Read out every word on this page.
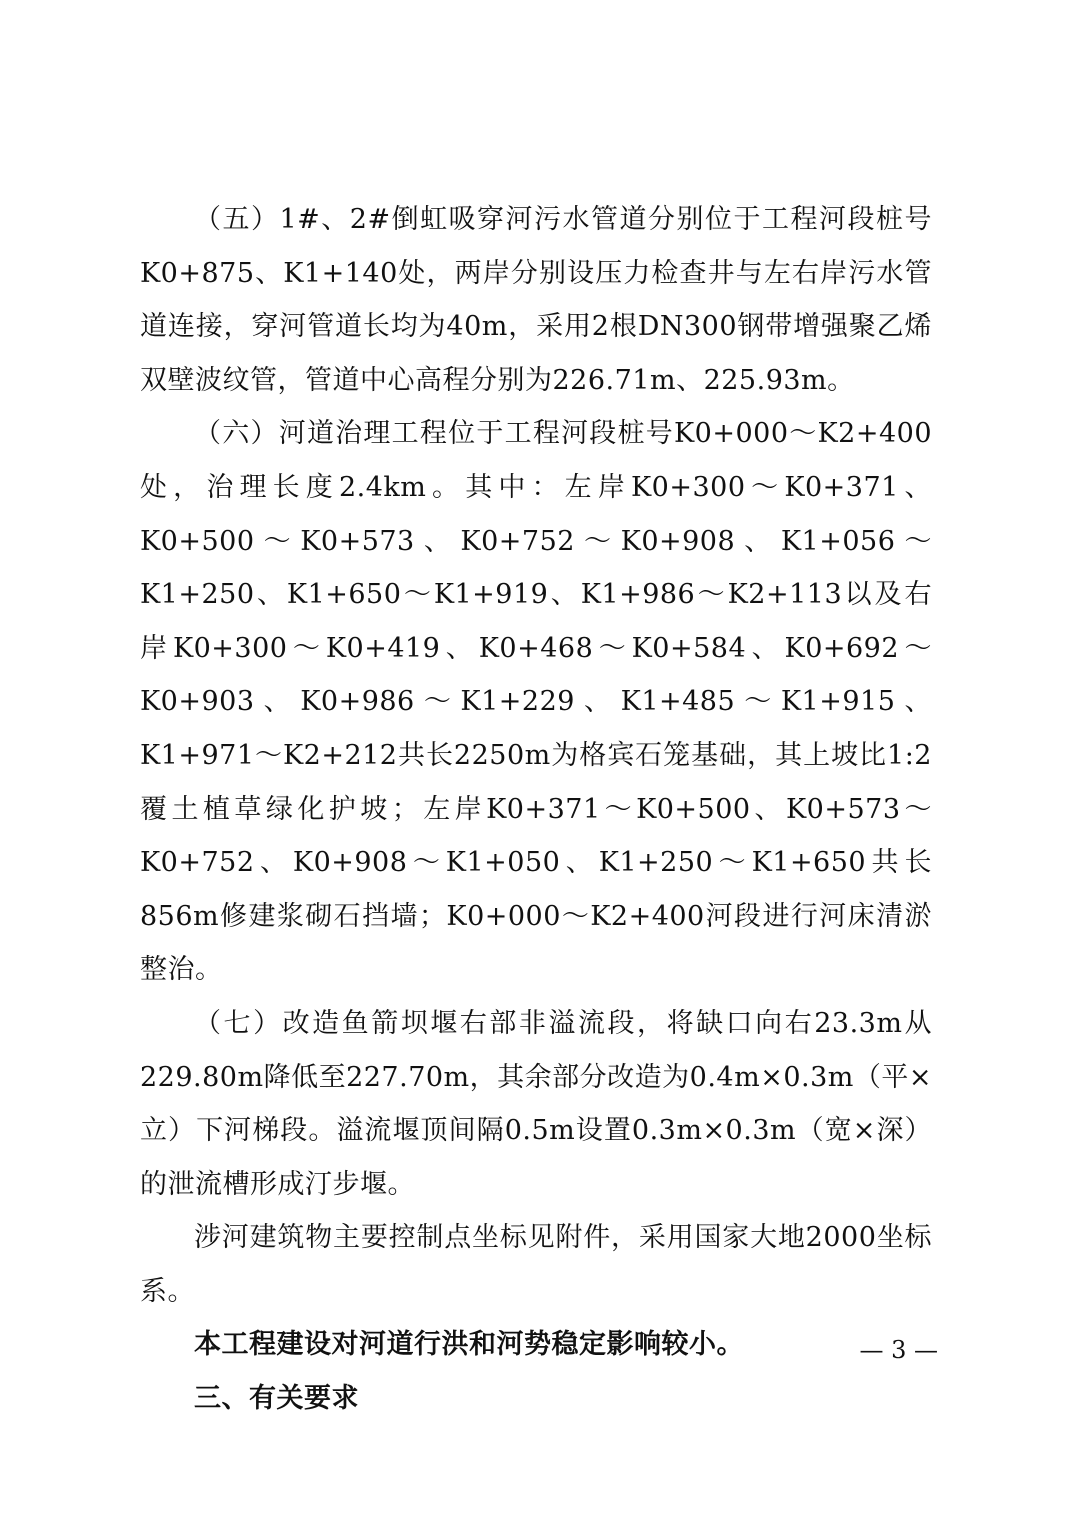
（五）1#、2#倒虹吸穿河污水管道分别位于工程河段桩号K0+875、K1+140处，两岸分别设压力检查井与左右岸污水管道连接，穿河管道长均为40m，采用2根DN300钢带增强聚乙烯双壁波纹管，管道中心高程分别为226.71m、225.93m。

（六）河道治理工程位于工程河段桩号K0+000～K2+400处，治理长度2.4km。其中：左岸K0+300～K0+371、K0+500～K0+573、K0+752～K0+908、K1+056～K1+250、K1+650～K1+919、K1+986～K2+113以及右岸K0+300～K0+419、K0+468～K0+584、K0+692～K0+903、K0+986～K1+229、K1+485～K1+915、K1+971～K2+212共长2250m为格宾石笼基础，其上坡比1:2覆土植草绿化护坡；左岸K0+371～K0+500、K0+573～K0+752、K0+908～K1+050、K1+250～K1+650共长856m修建浆砌石挡墙；K0+000～K2+400河段进行河床清淤整治。

（七）改造鱼箭坝堰右部非溢流段，将缺口向右23.3m从229.80m降低至227.70m，其余部分改造为0.4m×0.3m（平×立）下河梯段。溢流堰顶间隔0.5m设置0.3m×0.3m（宽×深）的泄流槽形成汀步堰。

涉河建筑物主要控制点坐标见附件，采用国家大地2000坐标系。

本工程建设对河道行洪和河势稳定影响较小。

三、有关要求

— 3 —
